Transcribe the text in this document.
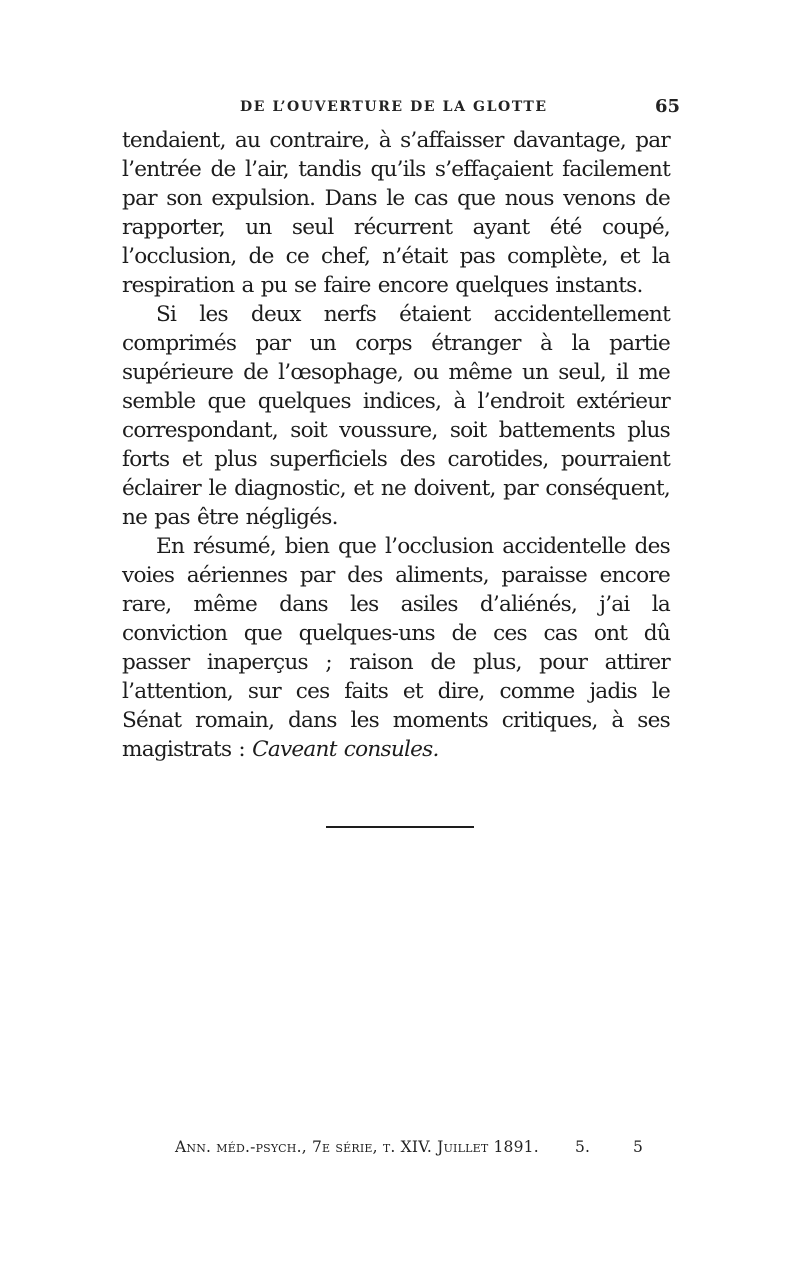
DE L’OUVERTURE DE LA GLOTTE	65

tendaient, au contraire, à s’affaisser davantage, par l’entrée de l’air, tandis qu’ils s’effaçaient facilement par son expulsion. Dans le cas que nous venons de rapporter, un seul récurrent ayant été coupé, l’occlusion, de ce chef, n’était pas complète, et la respiration a pu se faire encore quelques instants.

Si les deux nerfs étaient accidentellement comprimés par un corps étranger à la partie supérieure de l’œsophage, ou même un seul, il me semble que quelques indices, à l’endroit extérieur correspondant, soit voussure, soit battements plus forts et plus superficiels des carotides, pourraient éclairer le diagnostic, et ne doivent, par conséquent, ne pas être négligés.

En résumé, bien que l’occlusion accidentelle des voies aériennes par des aliments, paraisse encore rare, même dans les asiles d’aliénés, j’ai la conviction que quelques-uns de ces cas ont dû passer inaperçus ; raison de plus, pour attirer l’attention, sur ces faits et dire, comme jadis le Sénat romain, dans les moments critiques, à ses magistrats : Caveant consules.

Ann. méd.-psych., 7e série, t. XIV. Juillet 1891. 5.	5
